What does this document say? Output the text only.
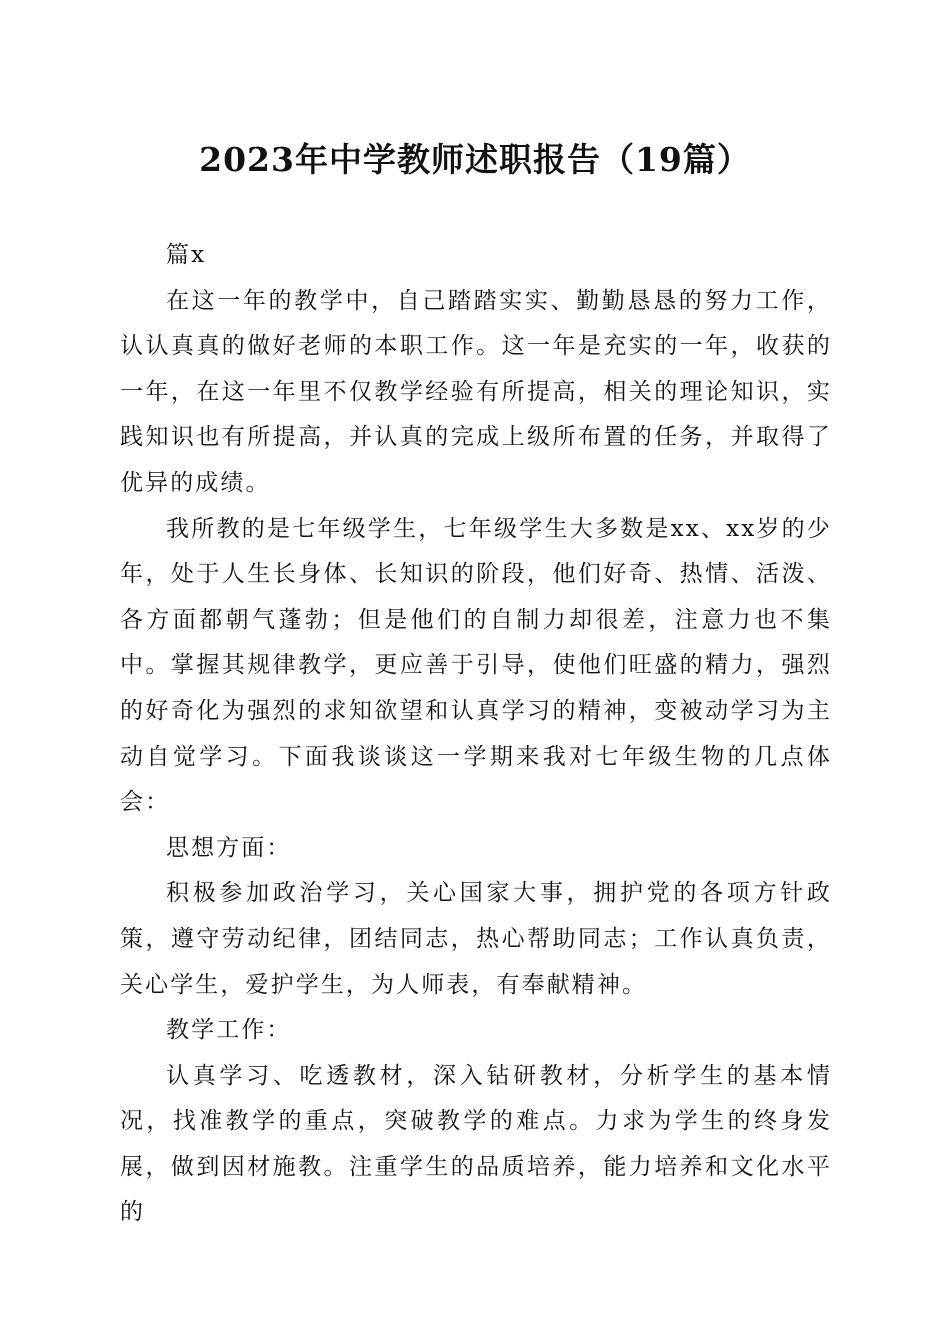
2023年中学教师述职报告（19篇）

篇x

在这一年的教学中，自己踏踏实实、勤勤恳恳的努力工作，认认真真的做好老师的本职工作。这一年是充实的一年，收获的一年，在这一年里不仅教学经验有所提高，相关的理论知识，实践知识也有所提高，并认真的完成上级所布置的任务，并取得了优异的成绩。

我所教的是七年级学生，七年级学生大多数是xx、xx岁的少年，处于人生长身体、长知识的阶段，他们好奇、热情、活泼、各方面都朝气蓬勃；但是他们的自制力却很差，注意力也不集中。掌握其规律教学，更应善于引导，使他们旺盛的精力，强烈的好奇化为强烈的求知欲望和认真学习的精神，变被动学习为主动自觉学习。下面我谈谈这一学期来我对七年级生物的几点体会：

思想方面：

积极参加政治学习，关心国家大事，拥护党的各项方针政策，遵守劳动纪律，团结同志，热心帮助同志；工作认真负责，关心学生，爱护学生，为人师表，有奉献精神。

教学工作：

认真学习、吃透教材，深入钻研教材，分析学生的基本情况，找准教学的重点，突破教学的难点。力求为学生的终身发展，做到因材施教。注重学生的品质培养，能力培养和文化水平的
